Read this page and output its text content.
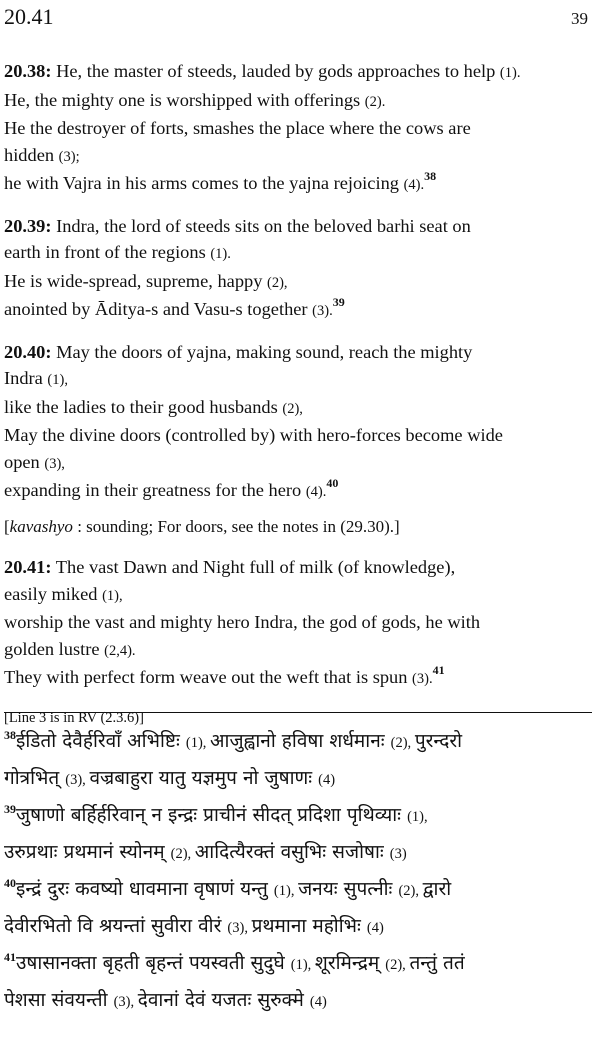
20.41	39
20.38: He, the master of steeds, lauded by gods approaches to help (1).
He, the mighty one is worshipped with offerings (2).
He the destroyer of forts, smashes the place where the cows are
hidden (3);
he with Vajra in his arms comes to the yajna rejoicing (4).$^{38}$
20.39: Indra, the lord of steeds sits on the beloved barhi seat on
earth in front of the regions (1).
He is wide-spread, supreme, happy (2),
anointed by Āditya-s and Vasu-s together (3).$^{39}$
20.40: May the doors of yajna, making sound, reach the mighty
Indra (1),
like the ladies to their good husbands (2),
May the divine doors (controlled by) with hero-forces become wide
open (3),
expanding in their greatness for the hero (4).$^{40}$
[kavashyo : sounding; For doors, see the notes in (29.30).]
20.41: The vast Dawn and Night full of milk (of knowledge),
easily miked (1),
worship the vast and mighty hero Indra, the god of gods, he with
golden lustre (2,4).
They with perfect form weave out the weft that is spun (3).$^{41}$
[Line 3 is in RV (2.3.6)]
$^{38}$ईडितो देवैर्हरिवाँ अभिष्टिः (1), आजुह्वानो हविषा शर्धमानः (2), पुरन्दरो
गोत्रभित् (3), वज्रबाहुरा यातु यज्ञमुप नो जुषाणः (4)
$^{39}$जुषाणो बर्हिर्हरिवान् न इन्द्रः प्राचीनं सीदत् प्रदिशा पृथिव्याः (1),
उरुप्रथाः प्रथमानं स्योनम् (2), आदित्यैरक्तं वसुभिः सजोषाः (3)
$^{40}$इन्द्रं दुरः कवष्यो धावमाना वृषाणं यन्तु (1), जनयः सुपत्नीः (2), द्वारो
देवीरभितो वि श्रयन्तां सुवीरा वीरं (3), प्रथमाना महोभिः (4)
$^{41}$उषासानक्ता बृहती बृहन्तं पयस्वती सुदुघे (1), शूरमिन्द्रम् (2), तन्तुं ततं
पेशसा संवयन्ती (3), देवानां देवं यजतः सुरुक्मे (4)
